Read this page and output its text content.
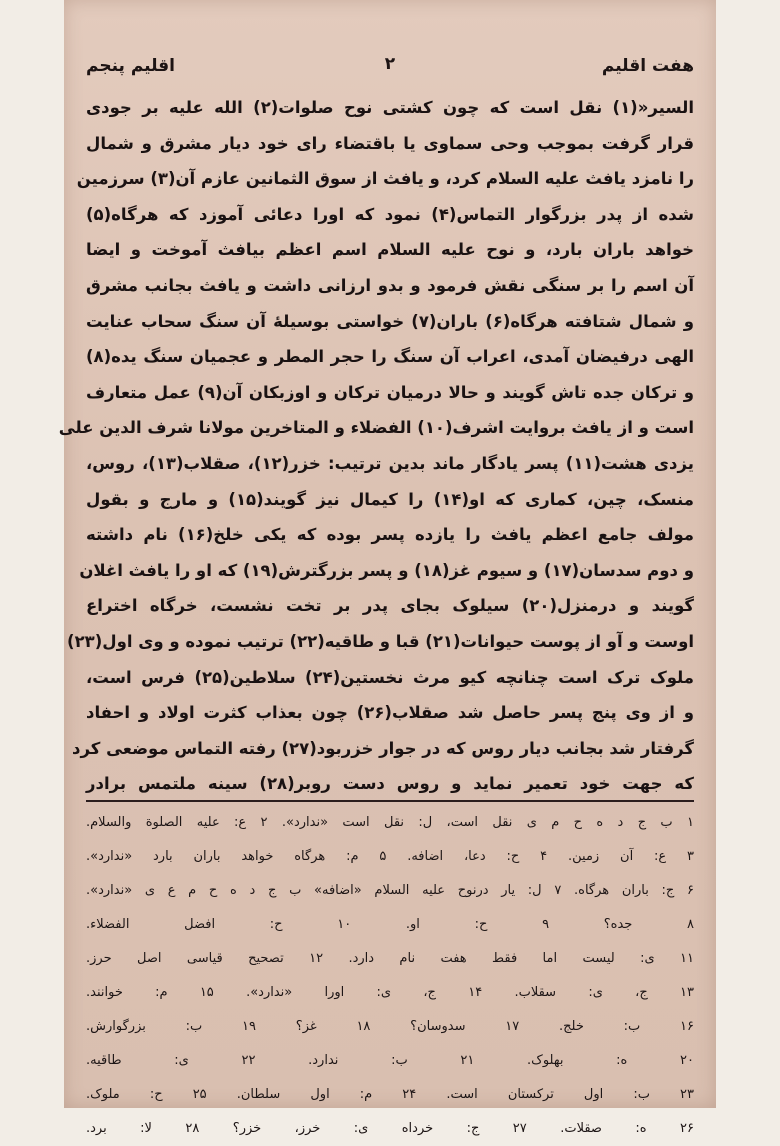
هفت اقلیم
۲
اقلیم پنجم
السیر«(۱) نقل است که چون کشتی نوح صلوات(۲) الله علیه بر جودی
قرار گرفت بموجب وحی سماوی یا باقتضاء رای خود دیار مشرق و شمال
را نامزد یافث علیه السلام کرد، و یافث از سوق الثمانین عازم آن(۳) سرزمین
شده از پدر بزرگوار التماس(۴) نمود که اورا دعائی آموزد که هرگاه(۵)
خواهد باران بارد، و نوح علیه السلام اسم اعظم بیافث آموخت و ایضا
آن اسم را بر سنگی نقش فرمود و بدو ارزانی داشت و یافث بجانب مشرق
و شمال شتافته هرگاه(۶) باران(۷) خواستی بوسیلهٔ آن سنگ سحاب عنایت
الهی درفیضان آمدی، اعراب آن سنگ را حجر المطر و عجمیان سنگ یده(۸)
و ترکان جده تاش گویند و حالا درمیان ترکان و اوزبکان آن(۹) عمل متعارف
است و از یافث بروایت اشرف(۱۰) الفضلاء و المتاخرین مولانا شرف الدین علی
یزدی هشت(۱۱) پسر یادگار ماند بدین ترتیب: خزر(۱۲)، صقلاب(۱۳)، روس،
منسک، چین، کماری که او(۱۴) را کیمال نیز گویند(۱۵) و مارج و بقول
مولف جامع اعظم یافث را یازده پسر بوده که یکی خلخ(۱۶) نام داشته
و دوم سدسان(۱۷) و سیوم غز(۱۸) و پسر بزرگترش(۱۹) که او را یافث اغلان
گویند و درمنزل(۲۰) سیلوک بجای پدر بر تخت نشست، خرگاه اختراع
اوست و آو از پوست حیوانات(۲۱) قبا و طاقیه(۲۲) ترتیب نموده و وی اول(۲۳)
ملوک ترک است چنانچه کیو مرث نخستین(۲۴) سلاطین(۲۵) فرس است،
و از وی پنج پسر حاصل شد صقلاب(۲۶) چون بعذاب کثرت اولاد و احفاد
گرفتار شد بجانب دیار روس که در جوار خزربود(۲۷) رفته التماس موضعی کرد
که جهت خود تعمیر نماید و روس دست روبر(۲۸) سینه ملتمس برادر
۱ ب ج د ه ح م ی نقل است، ل: نقل است «ندارد». ۲ ع: علیه الصلوة والسلام.
۳ ع: آن زمین. ۴ ح: دعا، اضافه. ۵ م: هرگاه خواهد باران بارد «ندارد».
۶ ج: باران هرگاه. ۷ ل: یار درنوح علیه السلام «اضافه» ب ج د ه ح م ع ی «ندارد».
۸ جده؟ ۹ ح: او. ۱۰ ح: افضل الفضلاء.
۱۱ ی: لیست اما فقط هفت نام دارد. ۱۲ تصحیح قیاسی اصل حرز.
۱۳ ج، ی: سقلاب. ۱۴ ج، ی: اورا «ندارد». ۱۵ م: خوانند.
۱۶ ب: خلج. ۱۷ سدوسان؟ ۱۸ غز؟ ۱۹ ب: بزرگوارش.
۲۰ ه: بهلوک. ۲۱ ب: ندارد. ۲۲ ی: طاقیه.
۲۳ ب: اول ترکستان است. ۲۴ م: اول سلطان. ۲۵ ح: ملوک.
۲۶ ه: صقلات. ۲۷ ج: خرداه ی: خرز، خزر؟ ۲۸ لا: برد.
